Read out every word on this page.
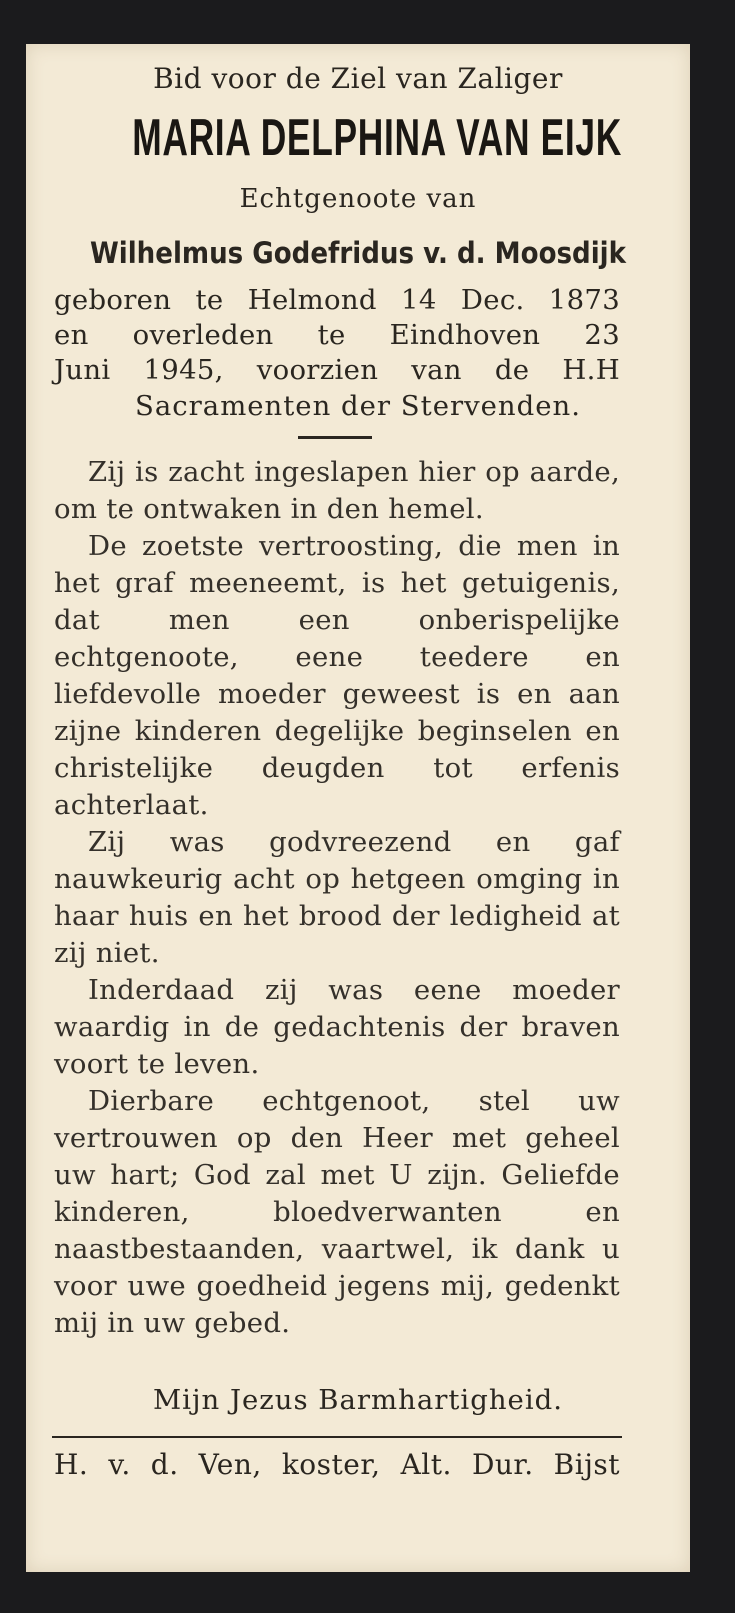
Bid voor de Ziel van Zaliger

MARIA DELPHINA VAN EIJK

Echtgenoote van

Wilhelmus Godefridus v. d. Moosdijk

geboren te Helmond 14 Dec. 1873

en overleden te Eindhoven 23

Juni 1945, voorzien van de H.H

Sacramenten der Stervenden.

Zij is zacht ingeslapen hier op aarde, om te ontwaken in den hemel.
De zoetste vertroosting, die men in het graf meeneemt, is het getuigenis, dat men een onberispelijke echtgenoote, eene teedere en liefdevolle moeder geweest is en aan zijne kinderen degelijke beginselen en christelijke deugden tot erfenis achterlaat.
Zij was godvreezend en gaf nauwkeurig acht op hetgeen omging in haar huis en het brood der ledigheid at zij niet.
Inderdaad zij was eene moeder waardig in de gedachtenis der braven voort te leven.
Dierbare echtgenoot, stel uw vertrouwen op den Heer met geheel uw hart; God zal met U zijn. Geliefde kinderen, bloedverwanten en naastbestaanden, vaartwel, ik dank u voor uwe goedheid jegens mij, gedenkt mij in uw gebed.

Mijn Jezus Barmhartigheid.

H. v. d. Ven, koster, Alt. Dur. Bijst
